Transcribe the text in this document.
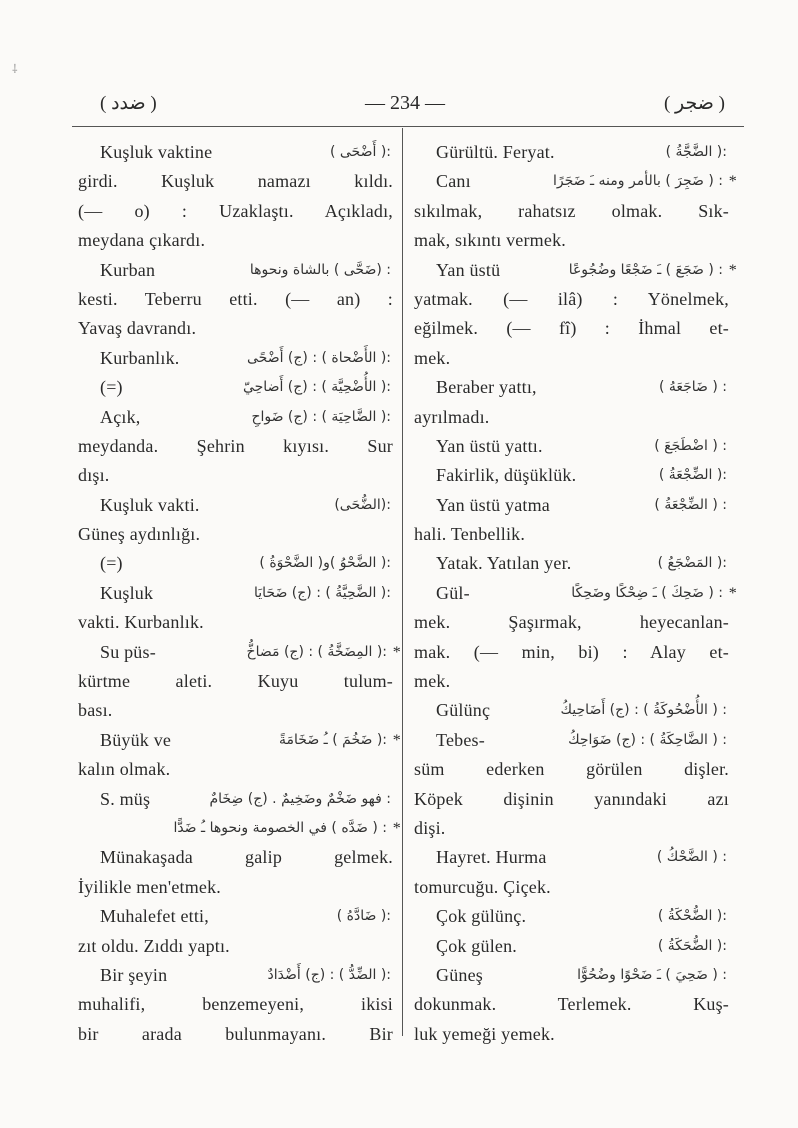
( ضدد )	— 234 —	( ضجر )
⸸
Kuşluk vaktine	:( أَضْحَى )
girdi. Kuşluk namazı kıldı.
(— o) : Uzaklaştı. Açıkladı,
meydana çıkardı.
Kurban	: (ضَحَّى ) بالشاة ونحوها
kesti. Teberru etti. (— an) :
Yavaş davrandı.
Kurbanlık.	:( الأَضْحاة ) : (ج) أَضْحًى
(=)	:( الأُضْحِيَّة ) : (ج) أَضاحِيّ
Açık,	:( الضَّاحِيَة ) : (ج) ضَواحِ
meydanda. Şehrin kıyısı. Sur
dışı.
Kuşluk vakti.	:(الضُّحَى)
Güneş aydınlığı.
(=)	:( الضَّحْوُ )و( الضَّحْوَةُ )
Kuşluk	:( الضَّحِيَّةُ ) : (ج) ضَحَايَا
vakti. Kurbanlık.
Su püs-	:( المِضَخَّةُ ) : (ج) مَضاخُّ *
kürtme aleti. Kuyu tulum-
bası.
Büyük ve	:( ضَخُمَ ) ـُ ضَخَامَةً *
kalın olmak.
S. müş	: فهو ضَخْمٌ وضَخِيمٌ . (ج) ضِخَامٌ
: ( ضَدَّه ) في الخصومة ونحوها ـُ ضَدًّا *
Münakaşada galip gelmek.
İyilikle men'etmek.
Muhalefet etti,	:( ضَادَّهُ )
zıt oldu. Zıddı yaptı.
Bir şeyin	:( الضِّدُّ ) : (ج) أَضْدَادٌ
muhalifi, benzemeyeni, ikisi
bir arada bulunmayanı. Bir
Gürültü. Feryat.	:( الضَّجَّةُ )
Canı	: ( ضَجِرَ ) بالأمر ومنه ـَ ضَجَرًا *
sıkılmak, rahatsız olmak. Sık-
mak, sıkıntı vermek.
Yan üstü	: ( ضَجَعَ ) ـَ ضَجْعًا وضُجُوعًا *
yatmak. (— ilâ) : Yönelmek,
eğilmek. (— fî) : İhmal et-
mek.
Beraber yattı,	: ( ضَاجَعَهُ )
ayrılmadı.
Yan üstü yattı.	: ( اضْطَجَعَ )
Fakirlik, düşüklük.	:( الضِّجْعَةُ )
Yan üstü yatma	: ( الضِّجْعَةُ )
hali. Tenbellik.
Yatak. Yatılan yer.	:( المَضْجَعُ )
Gül-	: ( ضَحِكَ ) ـَ ضِحْكًا وضَحِكًا *
mek. Şaşırmak, heyecanlan-
mak. (— min, bi) : Alay et-
mek.
Gülünç	: ( الأُضْحُوكَةُ ) : (ج) أَضَاحِيكُ
Tebes-	: ( الضَّاحِكَةُ ) : (ج) ضَوَاحِكُ
süm ederken görülen dişler.
Köpek dişinin yanındaki azı
dişi.
Hayret. Hurma	: ( الضَّحْكُ )
tomurcuğu. Çiçek.
Çok gülünç.	:( الضُّحْكَةُ )
Çok gülen.	:( الضُّحَكَةُ )
Güneş	: ( ضَحِيَ ) ـَ ضَحْوًا وضُحُوًّا
dokunmak. Terlemek. Kuş-
luk yemeği yemek.
